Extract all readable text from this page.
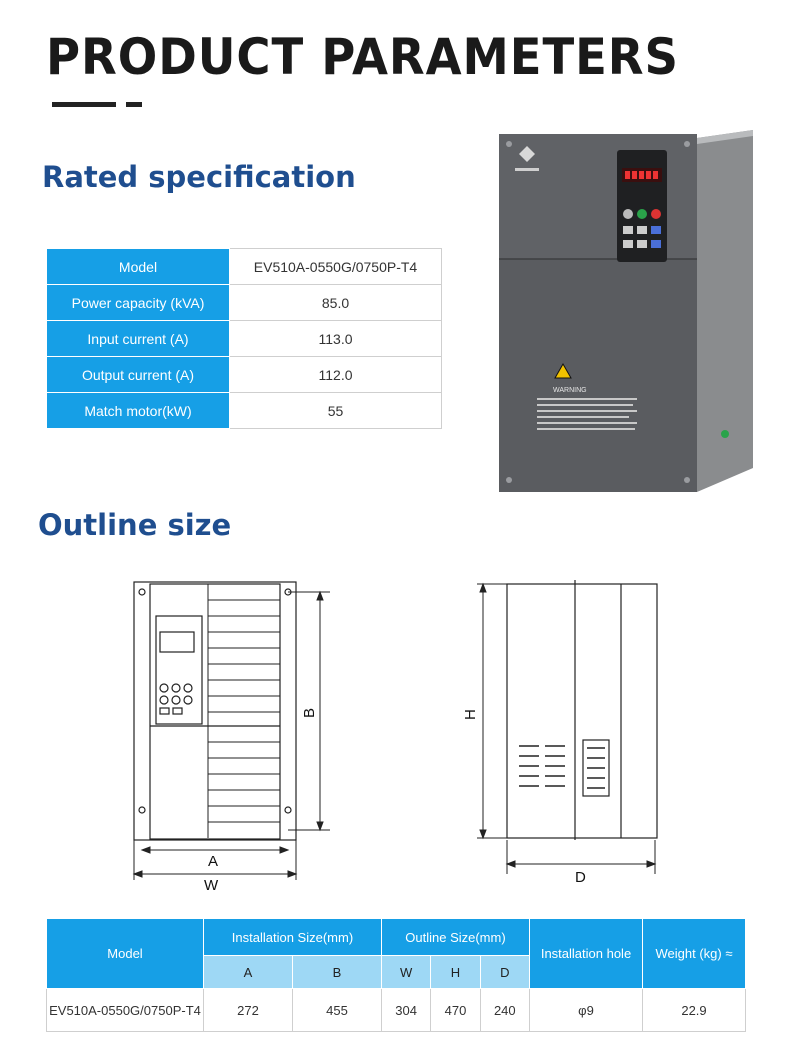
PRODUCT PARAMETERS
Rated specification
Model	EV510A-0550G/0750P-T4
Power capacity (kVA)	85.0
Input current (A)	113.0
Output current (A)	112.0
Match motor(kW)	55
WARNING
Outline size
A
W
B	H
D
Model	Installation Size(mm)		Outline Size(mm)			Installation hole	Weight (kg) ≈
	A	B	W	H	D		
EV510A-0550G/0750P-T4	272	455	304	470	240	φ9	22.9
